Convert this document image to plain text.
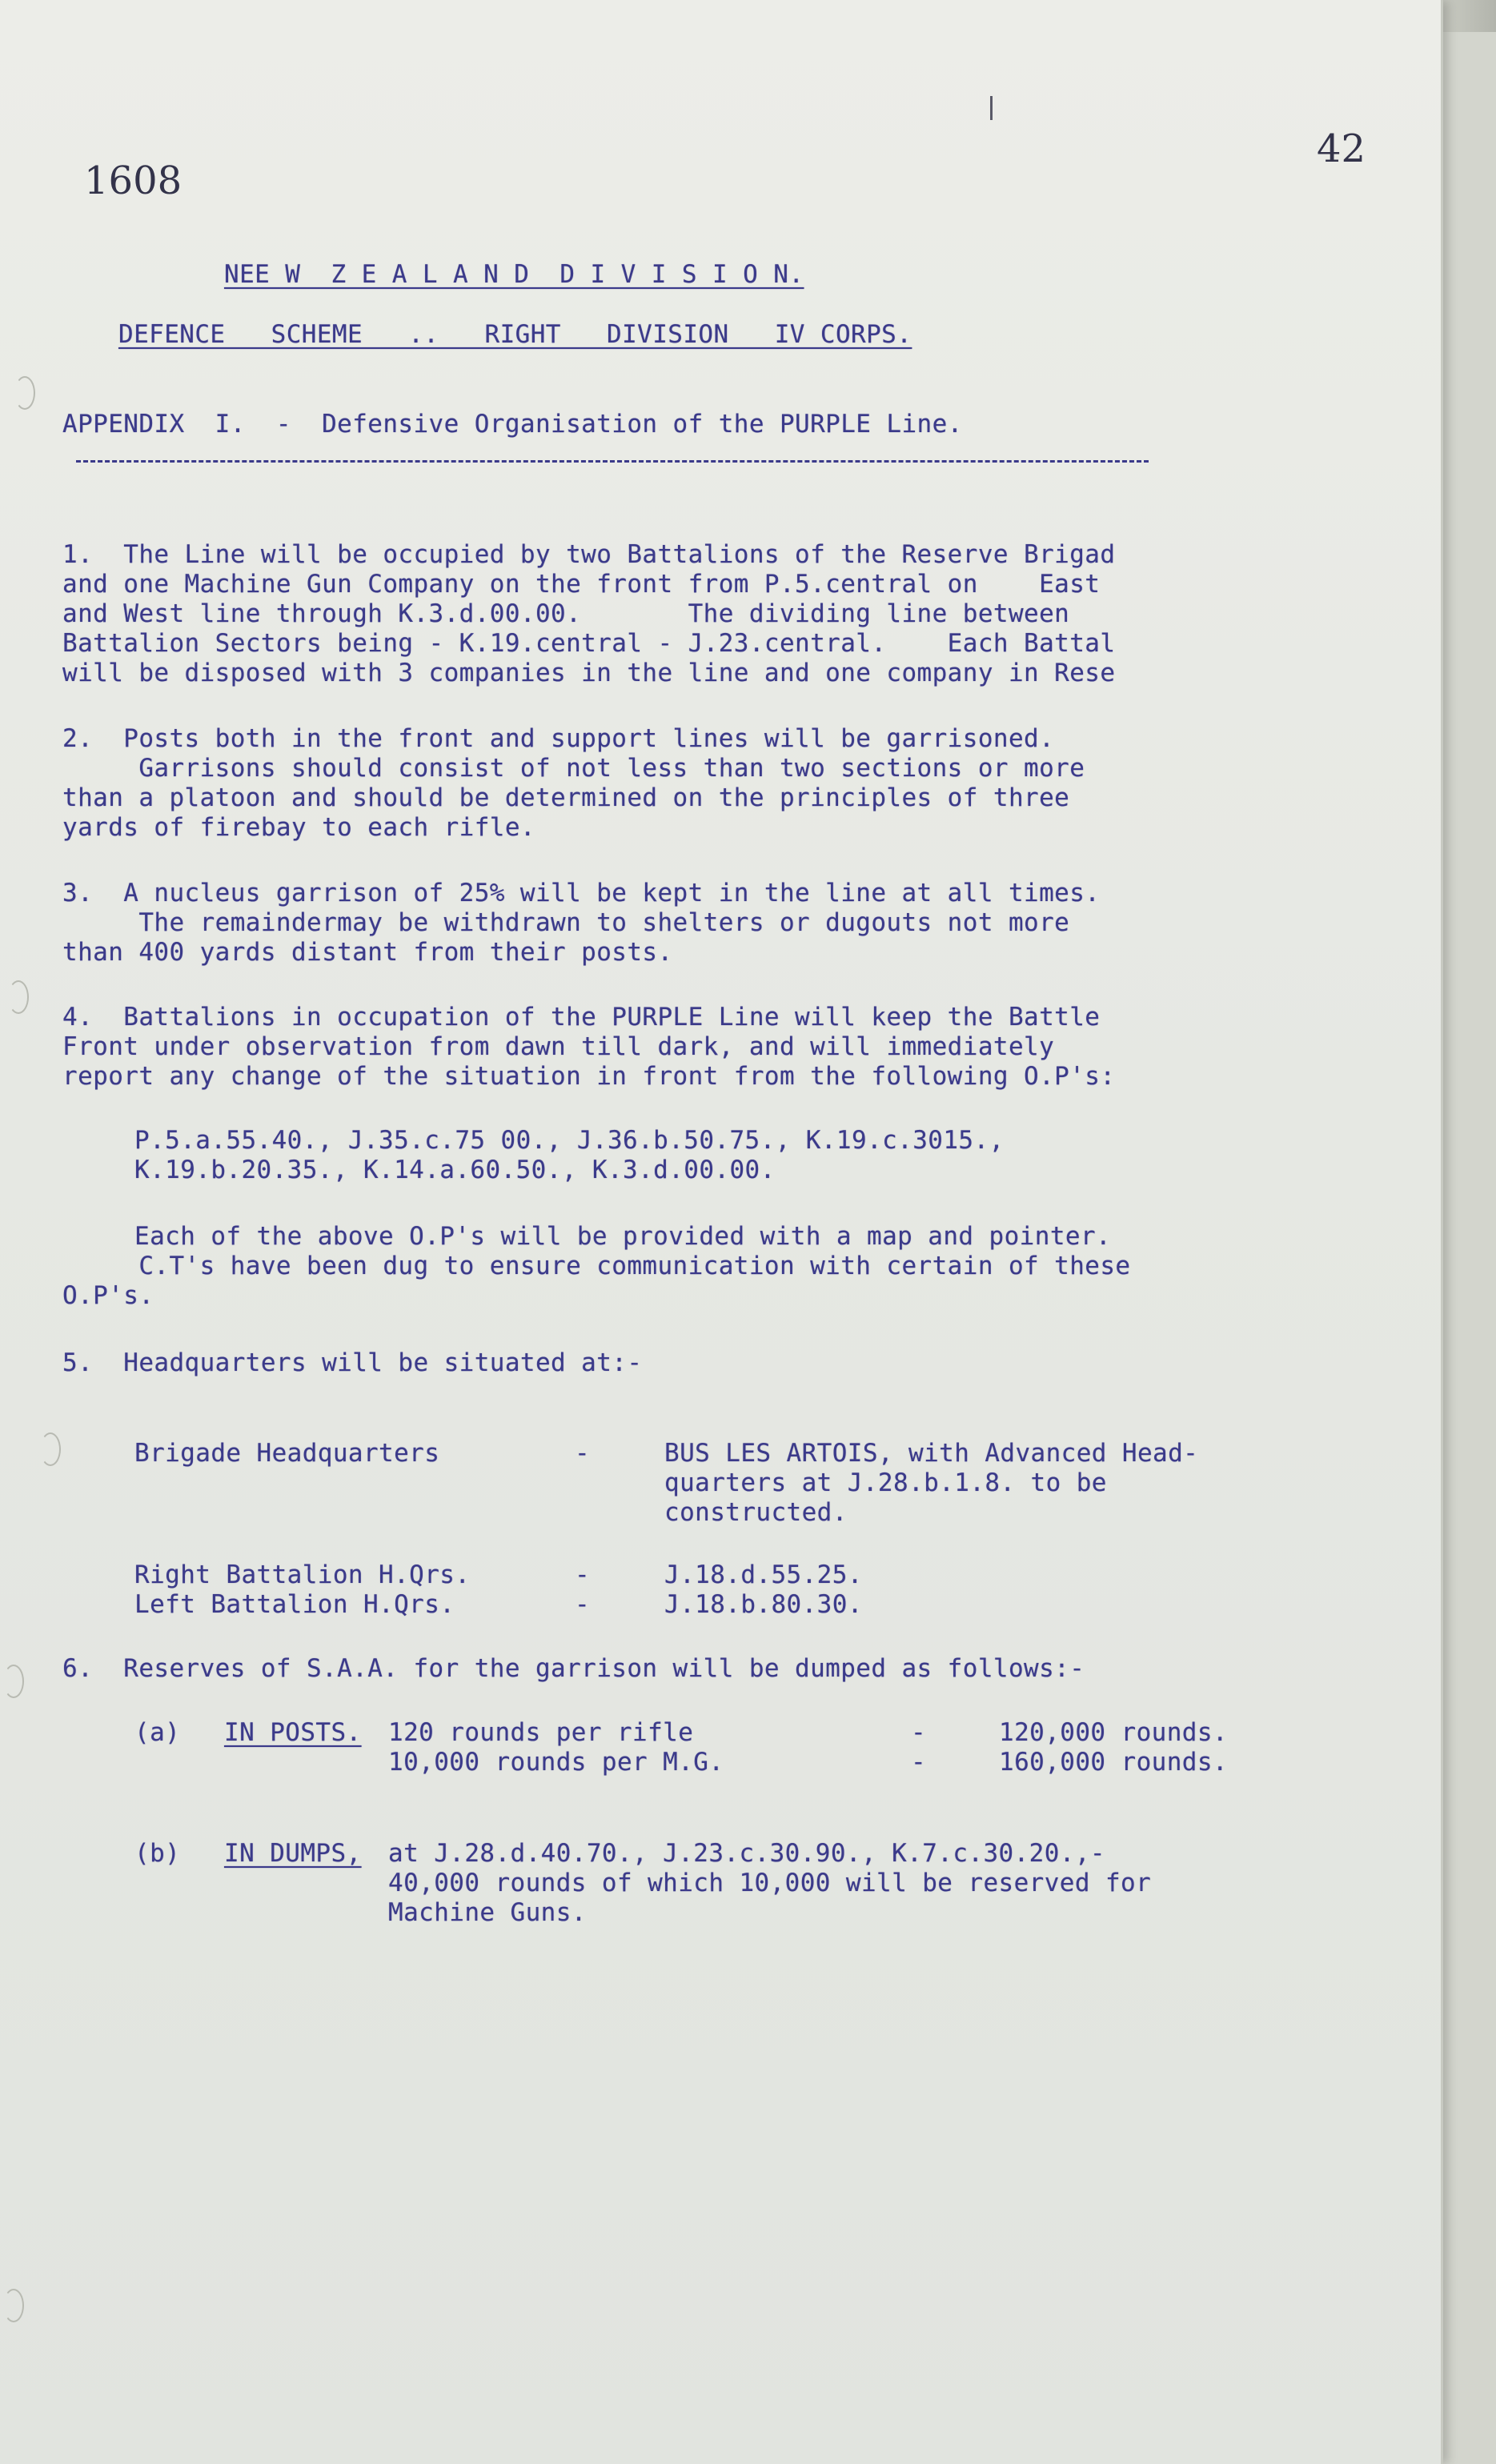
1608
42
NEE W  Z E A L A N D  D I V I S I O N.
DEFENCE   SCHEME   ..   RIGHT   DIVISION   IV CORPS.
APPENDIX  I.  -  Defensive Organisation of the PURPLE Line.
1.  The Line will be occupied by two Battalions of the Reserve Brigad
and one Machine Gun Company on the front from P.5.central on    East
and West line through K.3.d.00.00.       The dividing line between
Battalion Sectors being - K.19.central - J.23.central.    Each Battal
will be disposed with 3 companies in the line and one company in Rese
2.  Posts both in the front and support lines will be garrisoned.
Garrisons should consist of not less than two sections or more
than a platoon and should be determined on the principles of three
yards of firebay to each rifle.
3.  A nucleus garrison of 25% will be kept in the line at all times.
The remaindermay be withdrawn to shelters or dugouts not more
than 400 yards distant from their posts.
4.  Battalions in occupation of the PURPLE Line will keep the Battle
Front under observation from dawn till dark, and will immediately
report any change of the situation in front from the following O.P's:
P.5.a.55.40., J.35.c.75 00., J.36.b.50.75., K.19.c.3015.,
K.19.b.20.35., K.14.a.60.50., K.3.d.00.00.
Each of the above O.P's will be provided with a map and pointer.
C.T's have been dug to ensure communication with certain of these
O.P's.
5.  Headquarters will be situated at:-
Brigade Headquarters	-	BUS LES ARTOIS, with Advanced Head-
quarters at J.28.b.1.8. to be
constructed.
Right Battalion H.Qrs.	-	J.18.d.55.25.
Left Battalion H.Qrs.	-	J.18.b.80.30.
6.  Reserves of S.A.A. for the garrison will be dumped as follows:-
(a) IN POSTS. 120 rounds per rifle	-	120,000 rounds.
10,000 rounds per M.G.	-	160,000 rounds.
(b) IN DUMPS, at J.28.d.40.70., J.23.c.30.90., K.7.c.30.20.,-
40,000 rounds of which 10,000 will be reserved for
Machine Guns.
